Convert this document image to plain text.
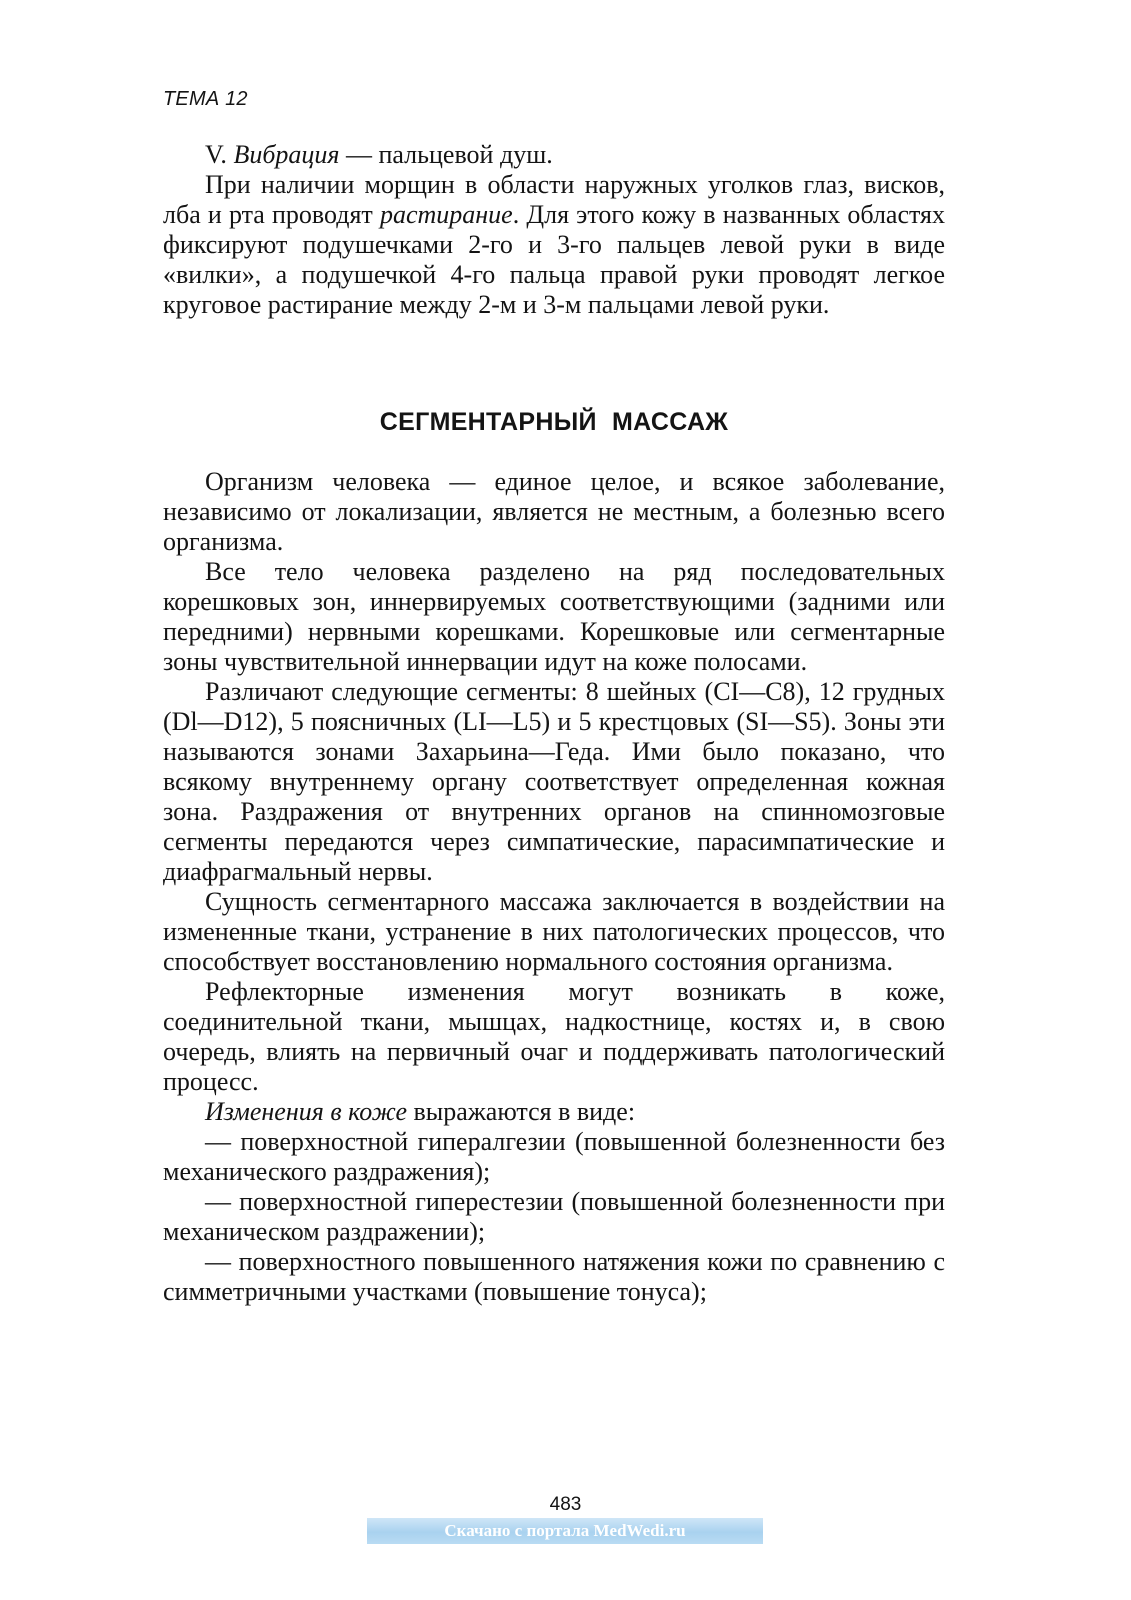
ТЕМА 12

V. Вибрация — пальцевой душ.

При наличии морщин в области наружных уголков глаз, висков, лба и рта проводят растирание. Для этого кожу в названных областях фиксируют подушечками 2-го и 3-го пальцев левой руки в виде «вилки», а подушечкой 4-го пальца правой руки проводят легкое круговое растирание между 2-м и 3-м пальцами левой руки.

СЕГМЕНТАРНЫЙ МАССАЖ

Организм человека — единое целое, и всякое заболевание, независимо от локализации, является не местным, а болезнью всего организма.

Все тело человека разделено на ряд последовательных корешковых зон, иннервируемых соответствующими (задними или передними) нервными корешками. Корешковые или сегментарные зоны чувствительной иннервации идут на коже полосами.

Различают следующие сегменты: 8 шейных (CI—C8), 12 грудных (Dl—D12), 5 поясничных (LI—L5) и 5 крестцовых (SI—S5). Зоны эти называются зонами Захарьина—Геда. Ими было показано, что всякому внутреннему органу соответствует определенная кожная зона. Раздражения от внутренних органов на спинномозговые сегменты передаются через симпатические, парасимпатические и диафрагмальный нервы.

Сущность сегментарного массажа заключается в воздействии на измененные ткани, устранение в них патологических процессов, что способствует восстановлению нормального состояния организма.

Рефлекторные изменения могут возникать в коже, соединительной ткани, мышцах, надкостнице, костях и, в свою очередь, влиять на первичный очаг и поддерживать патологический процесс.

Изменения в коже выражаются в виде:

— поверхностной гипералгезии (повышенной болезненности без механического раздражения);

— поверхностной гиперестезии (повышенной болезненности при механическом раздражении);

— поверхностного повышенного натяжения кожи по сравнению с симметричными участками (повышение тонуса);

483
Скачано с портала MedWedi.ru
